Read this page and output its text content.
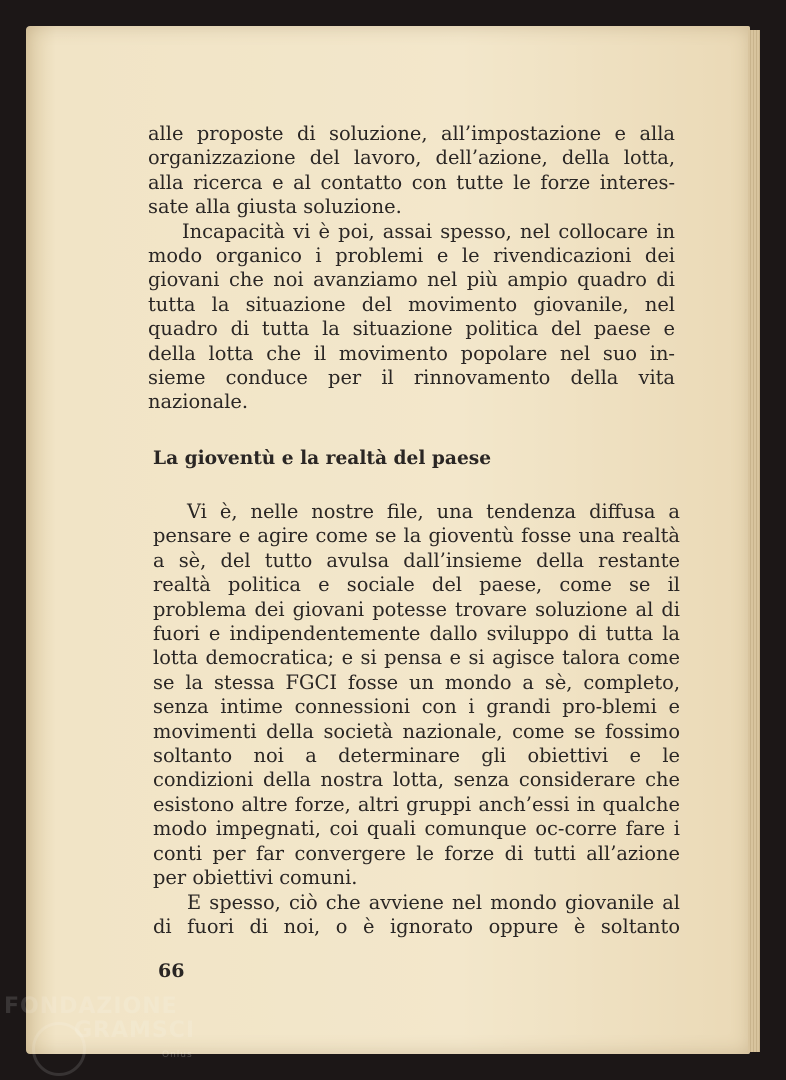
alle proposte di soluzione, all’impostazione e alla organizzazione del lavoro, dell’azione, della lotta, alla ricerca e al contatto con tutte le forze interes-sate alla giusta soluzione.

Incapacità vi è poi, assai spesso, nel collocare in modo organico i problemi e le rivendicazioni dei giovani che noi avanziamo nel più ampio quadro di tutta la situazione del movimento giovanile, nel quadro di tutta la situazione politica del paese e della lotta che il movimento popolare nel suo in-sieme conduce per il rinnovamento della vita nazionale.

La gioventù e la realtà del paese

Vi è, nelle nostre file, una tendenza diffusa a pensare e agire come se la gioventù fosse una realtà a sè, del tutto avulsa dall’insieme della restante realtà politica e sociale del paese, come se il problema dei giovani potesse trovare soluzione al di fuori e indipendentemente dallo sviluppo di tutta la lotta democratica; e si pensa e si agisce talora come se la stessa FGCI fosse un mondo a sè, completo, senza intime connessioni con i grandi pro-blemi e movimenti della società nazionale, come se fossimo soltanto noi a determinare gli obiettivi e le condizioni della nostra lotta, senza considerare che esistono altre forze, altri gruppi anch’essi in qualche modo impegnati, coi quali comunque oc-corre fare i conti per far convergere le forze di tutti all’azione per obiettivi comuni.

E spesso, ciò che avviene nel mondo giovanile al di fuori di noi, o è ignorato oppure è soltanto

66
FONDAZIONE
GRAMSCI
Onlus
